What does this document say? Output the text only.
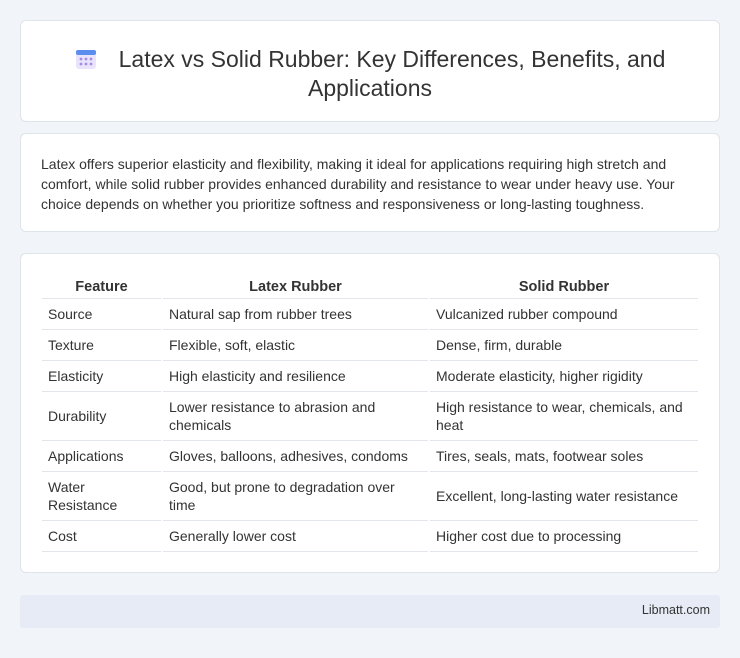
Latex vs Solid Rubber: Key Differences, Benefits, and Applications

Latex offers superior elasticity and flexibility, making it ideal for applications requiring high stretch and comfort, while solid rubber provides enhanced durability and resistance to wear under heavy use. Your choice depends on whether you prioritize softness and responsiveness or long-lasting toughness.

Feature	Latex Rubber	Solid Rubber
Source	Natural sap from rubber trees	Vulcanized rubber compound
Texture	Flexible, soft, elastic	Dense, firm, durable
Elasticity	High elasticity and resilience	Moderate elasticity, higher rigidity
Durability	Lower resistance to abrasion and chemicals	High resistance to wear, chemicals, and heat
Applications	Gloves, balloons, adhesives, condoms	Tires, seals, mats, footwear soles
Water Resistance	Good, but prone to degradation over time	Excellent, long-lasting water resistance
Cost	Generally lower cost	Higher cost due to processing
Libmatt.com
